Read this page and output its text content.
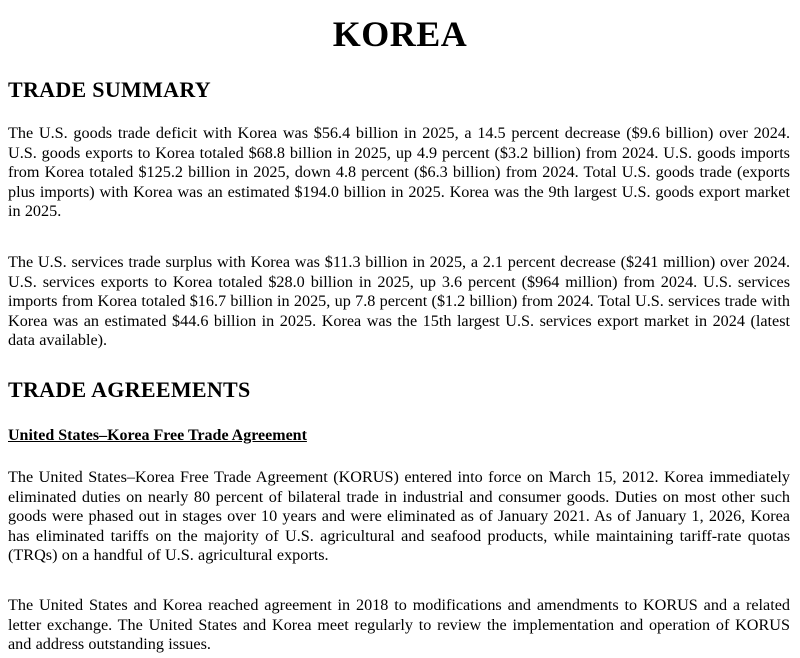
KOREA
TRADE SUMMARY

The U.S. goods trade deficit with Korea was $56.4 billion in 2025, a 14.5 percent decrease ($9.6 billion) over 2024. U.S. goods exports to Korea totaled $68.8 billion in 2025, up 4.9 percent ($3.2 billion) from 2024. U.S. goods imports from Korea totaled $125.2 billion in 2025, down 4.8 percent ($6.3 billion) from 2024. Total U.S. goods trade (exports plus imports) with Korea was an estimated $194.0 billion in 2025. Korea was the 9th largest U.S. goods export market in 2025.

The U.S. services trade surplus with Korea was $11.3 billion in 2025, a 2.1 percent decrease ($241 million) over 2024. U.S. services exports to Korea totaled $28.0 billion in 2025, up 3.6 percent ($964 million) from 2024. U.S. services imports from Korea totaled $16.7 billion in 2025, up 7.8 percent ($1.2 billion) from 2024. Total U.S. services trade with Korea was an estimated $44.6 billion in 2025. Korea was the 15th largest U.S. services export market in 2024 (latest data available).

TRADE AGREEMENTS
United States–Korea Free Trade Agreement

The United States–Korea Free Trade Agreement (KORUS) entered into force on March 15, 2012. Korea immediately eliminated duties on nearly 80 percent of bilateral trade in industrial and consumer goods. Duties on most other such goods were phased out in stages over 10 years and were eliminated as of January 2021. As of January 1, 2026, Korea has eliminated tariffs on the majority of U.S. agricultural and seafood products, while maintaining tariff-rate quotas (TRQs) on a handful of U.S. agricultural exports.

The United States and Korea reached agreement in 2018 to modifications and amendments to KORUS and a related letter exchange. The United States and Korea meet regularly to review the implementation and operation of KORUS and address outstanding issues.
